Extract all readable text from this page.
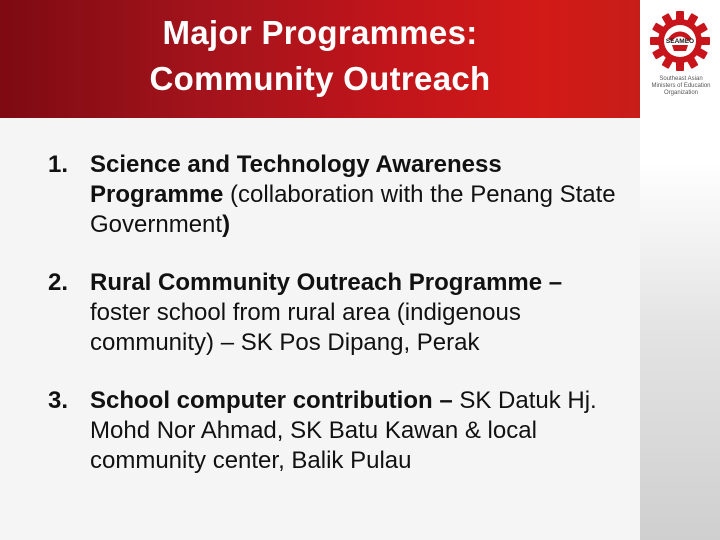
Major Programmes:
Community Outreach
SEAMEO
Southeast Asian
Ministers of Education
Organization
1. Science and Technology Awareness Programme (collaboration with the Penang State Government)
2. Rural Community Outreach Programme – foster school from rural area (indigenous community) – SK Pos Dipang, Perak
3. School computer contribution – SK Datuk Hj. Mohd Nor Ahmad, SK Batu Kawan & local community center, Balik Pulau
